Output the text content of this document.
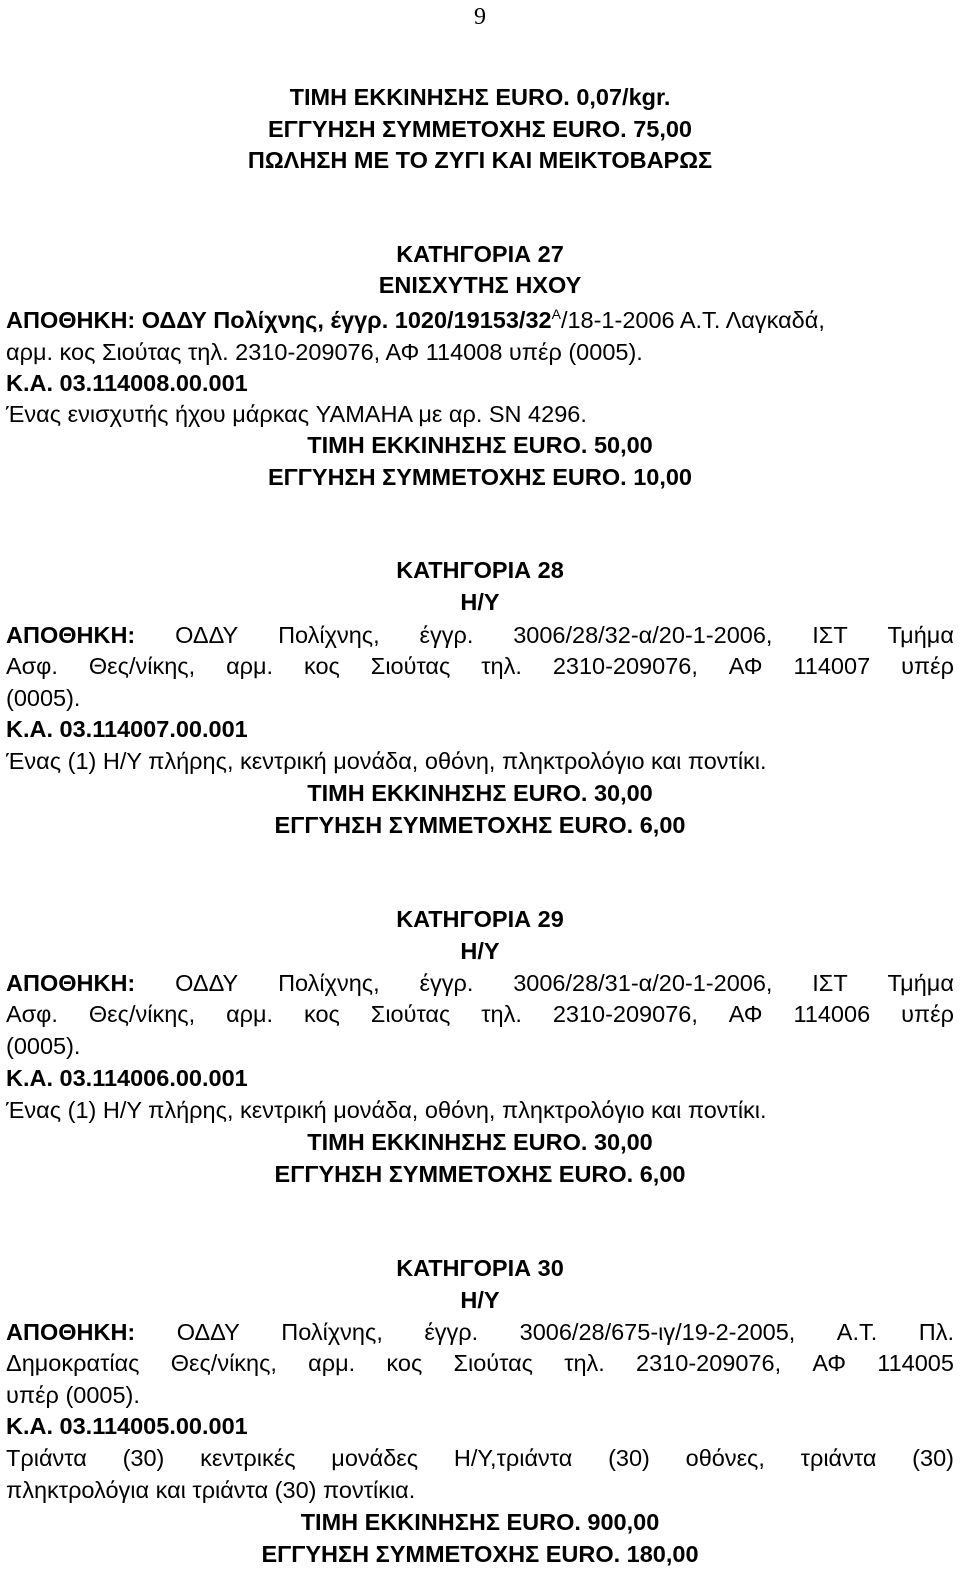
9
ΤΙΜΗ ΕΚΚΙΝΗΣΗΣ EURO. 0,07/kgr.
ΕΓΓΥΗΣΗ ΣΥΜΜΕΤΟΧΗΣ EURO. 75,00
ΠΩΛΗΣΗ ΜΕ ΤΟ ΖΥΓΙ ΚΑΙ ΜΕΙΚΤΟΒΑΡΩΣ
ΚΑΤΗΓΟΡΙΑ 27
ΕΝΙΣΧΥΤΗΣ ΗΧΟΥ
ΑΠΟΘΗΚΗ: ΟΔΔΥ Πολίχνης, έγγρ. $1020/19153/32^A/18-1-2006$ Α.Τ. Λαγκαδά,
αρμ. κος Σιούτας τηλ. 2310-209076, ΑΦ 114008 υπέρ (0005).
Κ.Α. 03.114008.00.001
Ένας ενισχυτής ήχου μάρκας YAMAHA με αρ. SN 4296.
ΤΙΜΗ ΕΚΚΙΝΗΣΗΣ EURO. 50,00
ΕΓΓΥΗΣΗ ΣΥΜΜΕΤΟΧΗΣ EURO. 10,00
ΚΑΤΗΓΟΡΙΑ 28
Η/Υ
ΑΠΟΘΗΚΗ: ΟΔΔΥ Πολίχνης, έγγρ. 3006/28/32-α/20-1-2006, ΙΣΤ Τμήμα
Ασφ. Θες/νίκης, αρμ. κος Σιούτας τηλ. 2310-209076, ΑΦ 114007 υπέρ
(0005).
Κ.Α. 03.114007.00.001
Ένας (1) Η/Υ πλήρης, κεντρική μονάδα, οθόνη, πληκτρολόγιο και ποντίκι.
ΤΙΜΗ ΕΚΚΙΝΗΣΗΣ EURO. 30,00
ΕΓΓΥΗΣΗ ΣΥΜΜΕΤΟΧΗΣ EURO. 6,00
ΚΑΤΗΓΟΡΙΑ 29
Η/Υ
ΑΠΟΘΗΚΗ: ΟΔΔΥ Πολίχνης, έγγρ. 3006/28/31-α/20-1-2006, ΙΣΤ Τμήμα
Ασφ. Θες/νίκης, αρμ. κος Σιούτας τηλ. 2310-209076, ΑΦ 114006 υπέρ
(0005).
Κ.Α. 03.114006.00.001
Ένας (1) Η/Υ πλήρης, κεντρική μονάδα, οθόνη, πληκτρολόγιο και ποντίκι.
ΤΙΜΗ ΕΚΚΙΝΗΣΗΣ EURO. 30,00
ΕΓΓΥΗΣΗ ΣΥΜΜΕΤΟΧΗΣ EURO. 6,00
ΚΑΤΗΓΟΡΙΑ 30
Η/Υ
ΑΠΟΘΗΚΗ: ΟΔΔΥ Πολίχνης, έγγρ. 3006/28/675-ιγ/19-2-2005, Α.Τ. Πλ.
Δημοκρατίας Θες/νίκης, αρμ. κος Σιούτας τηλ. 2310-209076, ΑΦ 114005
υπέρ (0005).
Κ.Α. 03.114005.00.001
Τριάντα (30) κεντρικές μονάδες Η/Υ,τριάντα (30) οθόνες, τριάντα (30)
πληκτρολόγια και τριάντα (30) ποντίκια.
ΤΙΜΗ ΕΚΚΙΝΗΣΗΣ EURO. 900,00
ΕΓΓΥΗΣΗ ΣΥΜΜΕΤΟΧΗΣ EURO. 180,00
